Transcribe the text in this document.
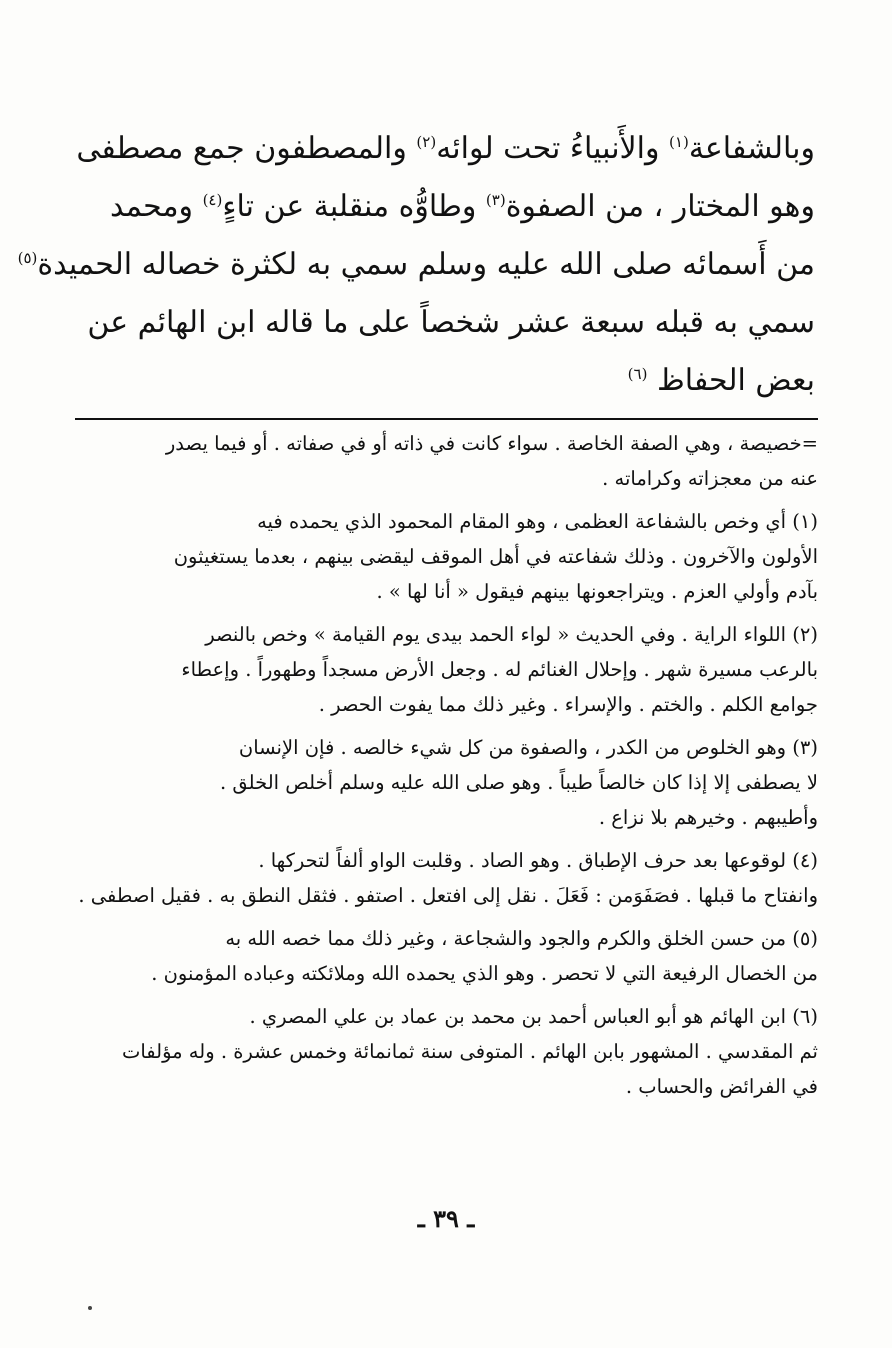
وبالشفاعة$^{(١)}$ والأَنبياءُ تحت لوائه$^{(٢)}$ والمصطفون جمع مصطفى
وهو المختار ، من الصفوة$^{(٣)}$ وطاوُّه منقلبة عن تاءٍ$^{(٤)}$ ومحمد
من أَسمائه صلى الله عليه وسلم سمي به لكثرة خصاله الحميدة$^{(٥)}$
سمي به قبله سبعة عشر شخصاً على ما قاله ابن الهائم عن
بعض الحفاظ $^{(٦)}$
=خصيصة ، وهي الصفة الخاصة . سواء كانت في ذاته أو في صفاته . أو فيما يصدر
عنه من معجزاته وكراماته .
(١) أي وخص بالشفاعة العظمى ، وهو المقام المحمود الذي يحمده فيه
الأولون والآخرون . وذلك شفاعته في أهل الموقف ليقضى بينهم ، بعدما يستغيثون
بآدم وأولي العزم . ويتراجعونها بينهم فيقول « أنا لها » .
(٢) اللواء الراية . وفي الحديث « لواء الحمد بيدى يوم القيامة » وخص بالنصر
بالرعب مسيرة شهر . وإحلال الغنائم له . وجعل الأرض مسجداً وطهوراً . وإعطاء
جوامع الكلم . والختم . والإسراء . وغير ذلك مما يفوت الحصر .
(٣) وهو الخلوص من الكدر ، والصفوة من كل شيء خالصه . فإن الإنسان
لا يصطفى إلا إذا كان خالصاً طيباً . وهو صلى الله عليه وسلم أخلص الخلق .
وأطيبهم . وخيرهم بلا نزاع .
(٤) لوقوعها بعد حرف الإطباق . وهو الصاد . وقلبت الواو ألفاً لتحركها .
وانفتاح ما قبلها . فصَفَوَمن : فَعَلَ . نقل إلى افتعل . اصتفو . فثقل النطق به . فقيل اصطفى .
(٥) من حسن الخلق والكرم والجود والشجاعة ، وغير ذلك مما خصه الله به
من الخصال الرفيعة التي لا تحصر . وهو الذي يحمده الله وملائكته وعباده المؤمنون .
(٦) ابن الهائم هو أبو العباس أحمد بن محمد بن عماد بن علي المصري .
ثم المقدسي . المشهور بابن الهائم . المتوفى سنة ثمانمائة وخمس عشرة . وله مؤلفات
في الفرائض والحساب .
ـ ٣٩ ـ
